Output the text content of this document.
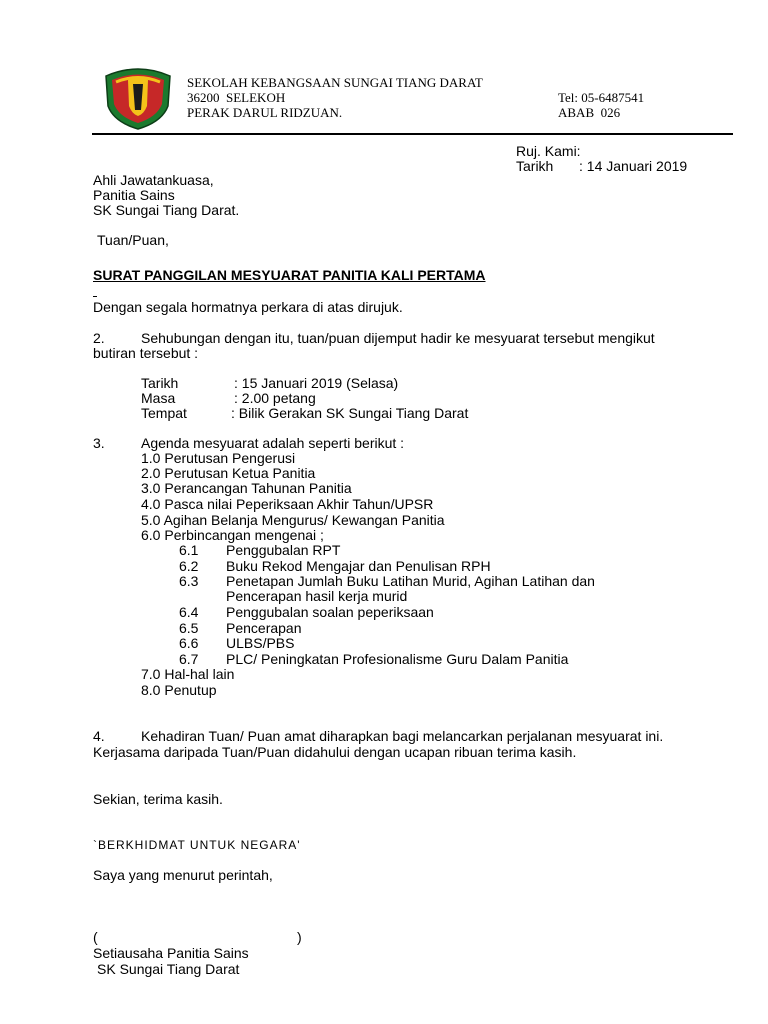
SEKOLAH KEBANGSAAN SUNGAI TIANG DARAT
36200  SELEKOH
PERAK DARUL RIDZUAN.
Tel: 05-6487541
ABAB  026
Ruj. Kami:
Tarikh : 14 Januari 2019
Ahli Jawatankuasa,
Panitia Sains
SK Sungai Tiang Darat.
Tuan/Puan,
SURAT PANGGILAN MESYUARAT PANITIA KALI PERTAMA
Dengan segala hormatnya perkara di atas dirujuk.
2.	Sehubungan dengan itu, tuan/puan dijemput hadir ke mesyuarat tersebut mengikut
butiran tersebut :
Tarikh	: 15 Januari 2019 (Selasa)
Masa	: 2.00 petang
Tempat	: Bilik Gerakan SK Sungai Tiang Darat
3.	Agenda mesyuarat adalah seperti berikut :
1.0 Perutusan Pengerusi
2.0 Perutusan Ketua Panitia
3.0 Perancangan Tahunan Panitia
4.0 Pasca nilai Peperiksaan Akhir Tahun/UPSR
5.0 Agihan Belanja Mengurus/ Kewangan Panitia
6.0 Perbincangan mengenai ;
6.1 Penggubalan RPT
6.2 Buku Rekod Mengajar dan Penulisan RPH
6.3 Penetapan Jumlah Buku Latihan Murid, Agihan Latihan dan
Pencerapan hasil kerja murid
6.4 Penggubalan soalan peperiksaan
6.5 Pencerapan
6.6 ULBS/PBS
6.7 PLC/ Peningkatan Profesionalisme Guru Dalam Panitia
7.0 Hal-hal lain
8.0 Penutup
4.	Kehadiran Tuan/ Puan amat diharapkan bagi melancarkan perjalanan mesyuarat ini.
Kerjasama daripada Tuan/Puan didahului dengan ucapan ribuan terima kasih.
Sekian, terima kasih.
`BERKHIDMAT UNTUK NEGARA'
Saya yang menurut perintah,
(	)
Setiausaha Panitia Sains
SK Sungai Tiang Darat
